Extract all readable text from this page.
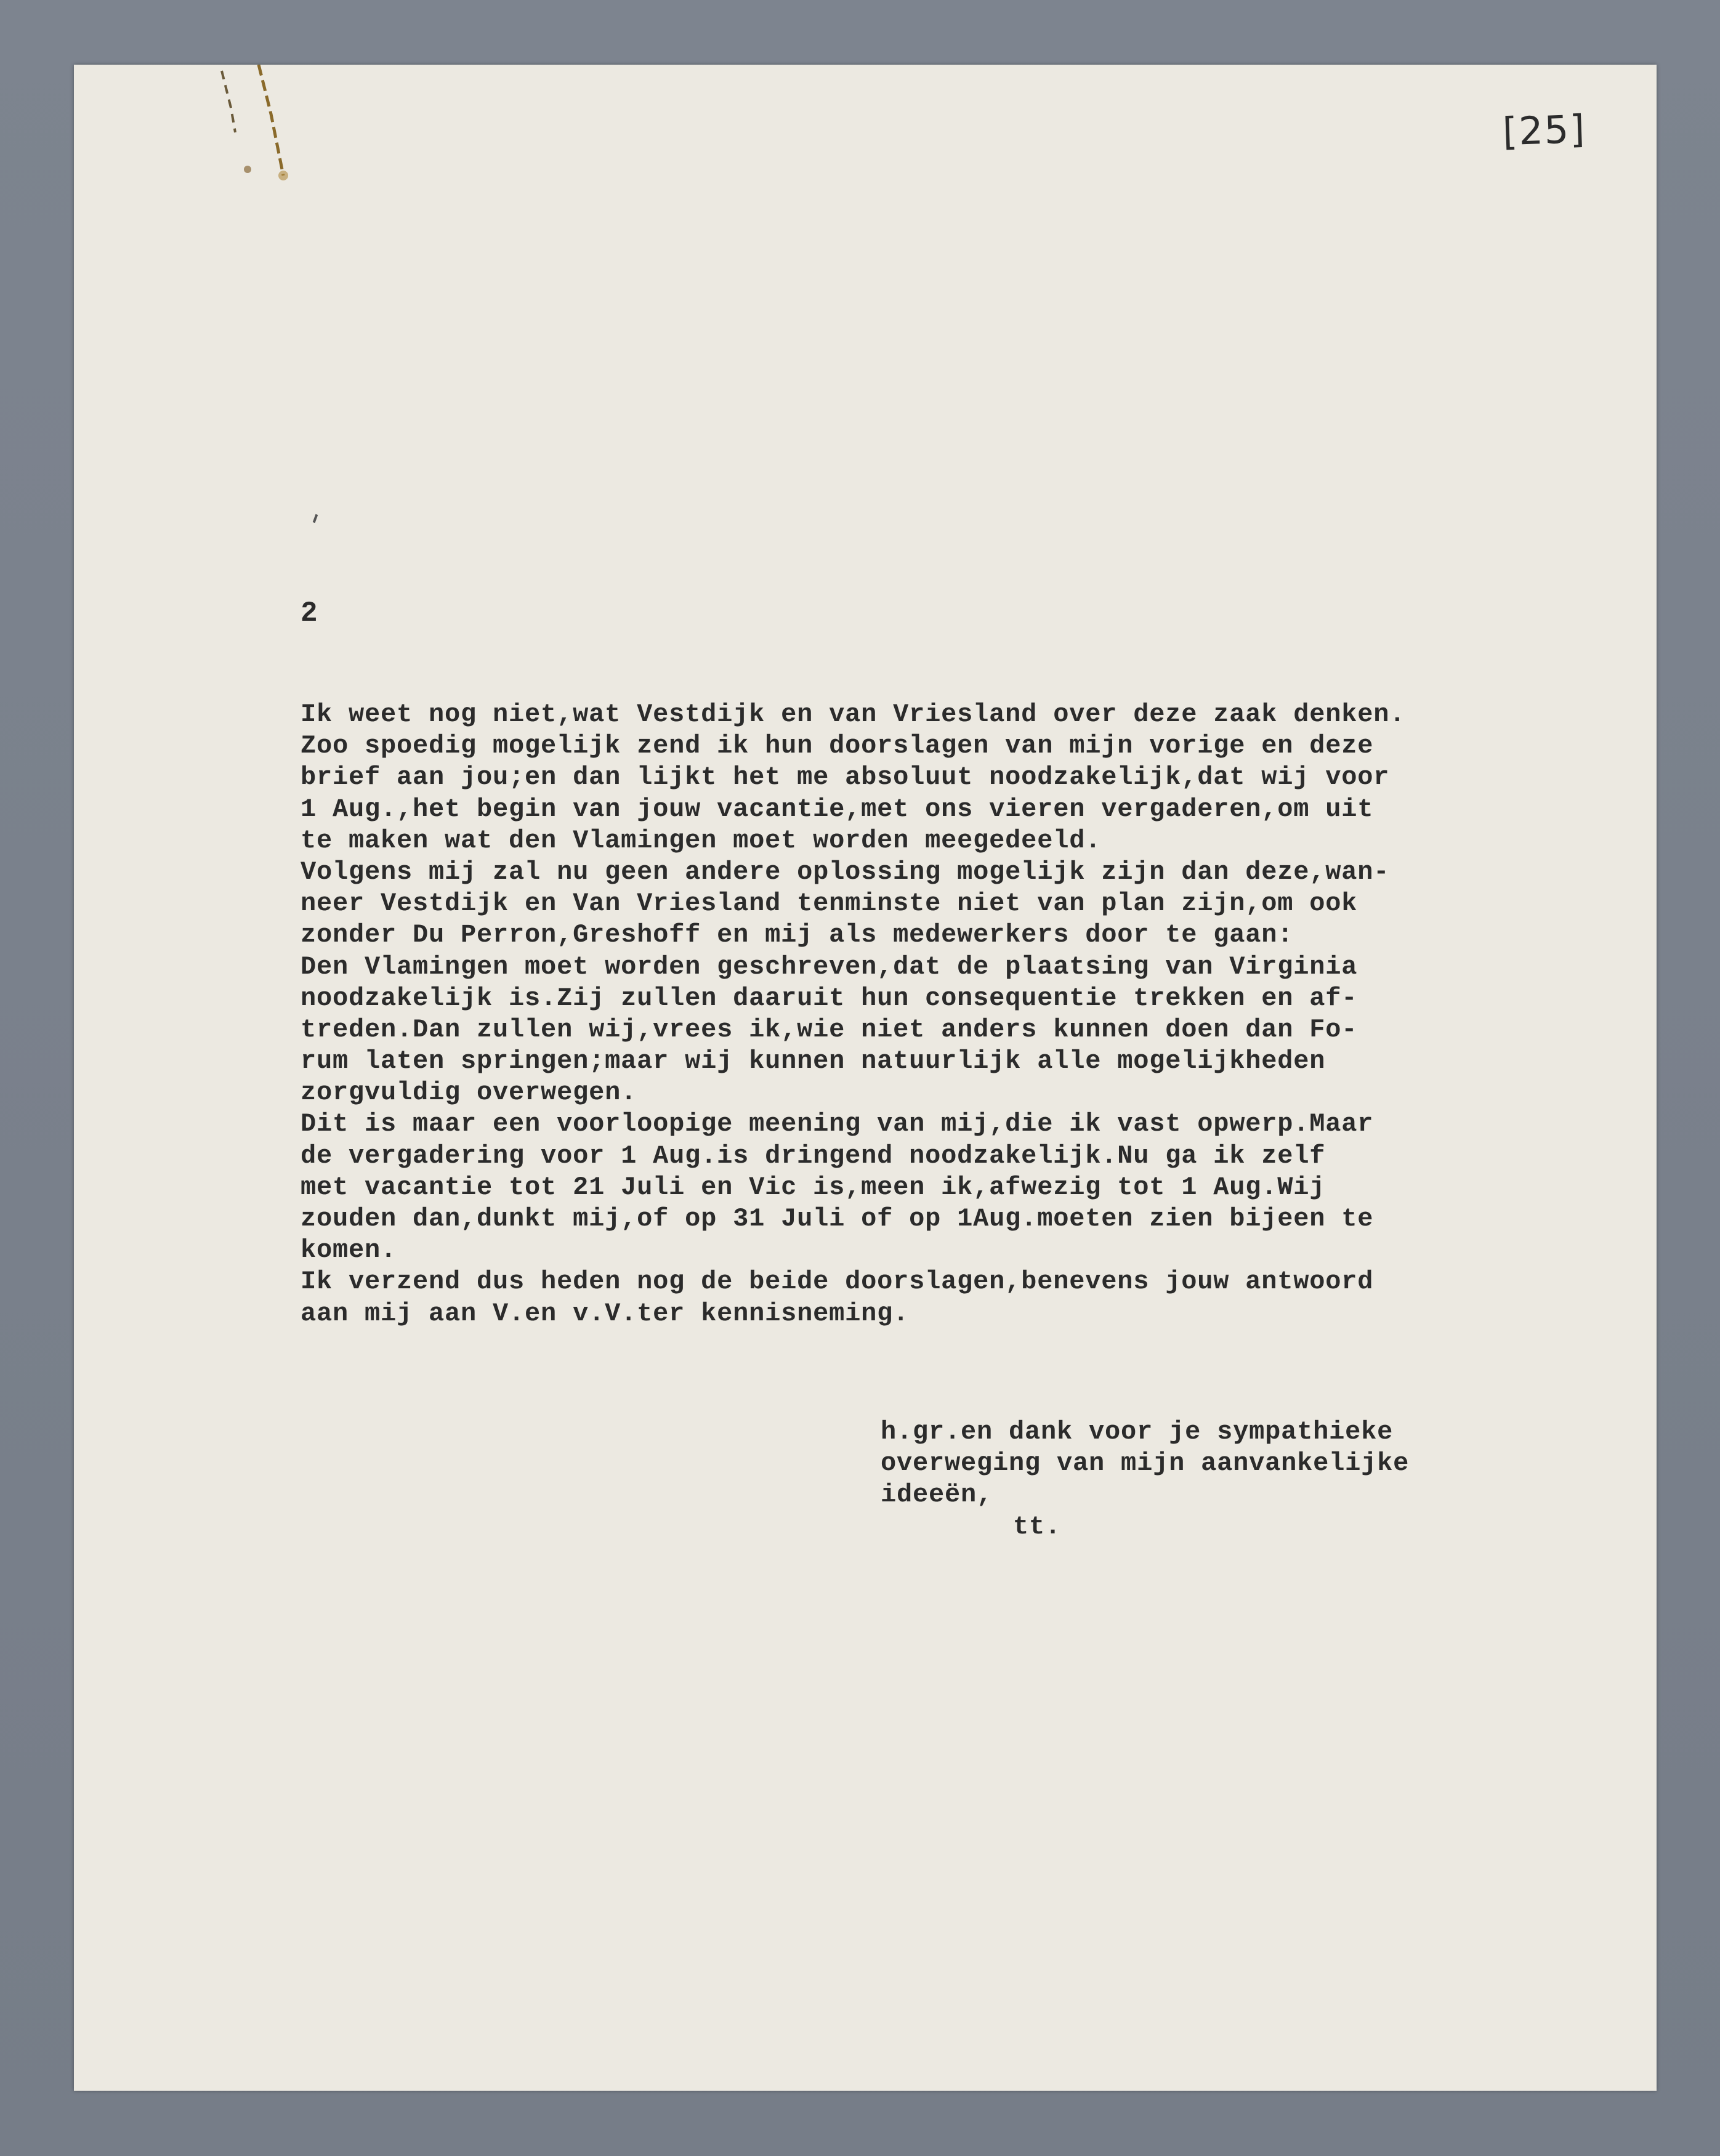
[25]
2
Ik weet nog niet,wat Vestdijk en van Vriesland over deze zaak denken.
Zoo spoedig mogelijk zend ik hun doorslagen van mijn vorige en deze
brief aan jou;en dan lijkt het me absoluut noodzakelijk,dat wij voor
1 Aug.,het begin van jouw vacantie,met ons vieren vergaderen,om uit
te maken wat den Vlamingen moet worden meegedeeld.
Volgens mij zal nu geen andere oplossing mogelijk zijn dan deze,wan-
neer Vestdijk en Van Vriesland tenminste niet van plan zijn,om ook
zonder Du Perron,Greshoff en mij als medewerkers door te gaan:
Den Vlamingen moet worden geschreven,dat de plaatsing van Virginia
noodzakelijk is.Zij zullen daaruit hun consequentie trekken en af-
treden.Dan zullen wij,vrees ik,wie niet anders kunnen doen dan Fo-
rum laten springen;maar wij kunnen natuurlijk alle mogelijkheden
zorgvuldig overwegen.
Dit is maar een voorloopige meening van mij,die ik vast opwerp.Maar
de vergadering voor 1 Aug.is dringend noodzakelijk.Nu ga ik zelf
met vacantie tot 21 Juli en Vic is,meen ik,afwezig tot 1 Aug.Wij
zouden dan,dunkt mij,of op 31 Juli of op 1Aug.moeten zien bijeen te
komen.
Ik verzend dus heden nog de beide doorslagen,benevens jouw antwoord
aan mij aan V.en v.V.ter kennisneming.
h.gr.en dank voor je sympathieke
overweging van mijn aanvankelijke
ideeën,
tt.
